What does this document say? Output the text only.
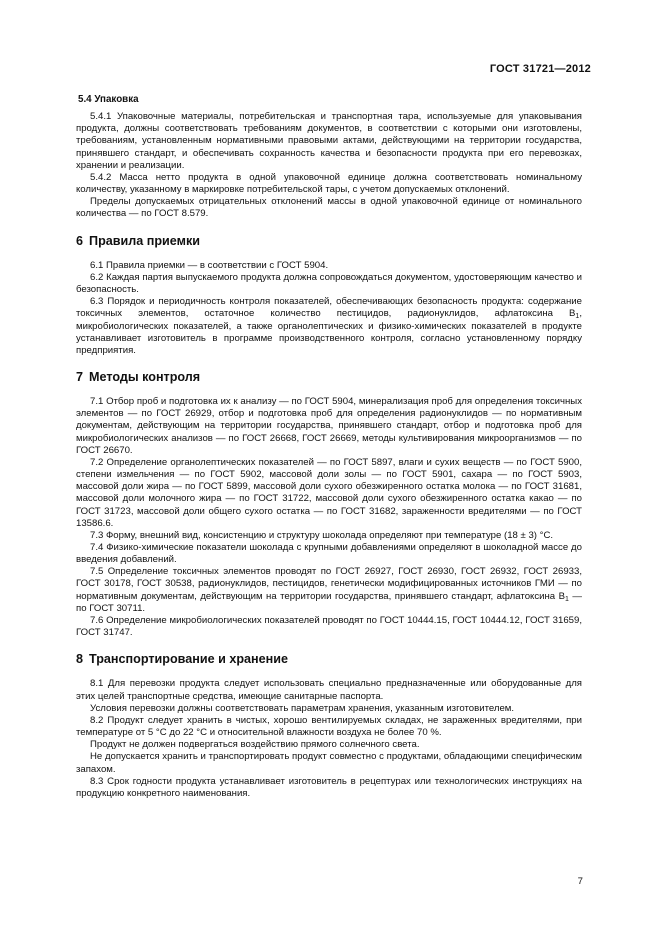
ГОСТ 31721—2012
5.4 Упаковка

5.4.1 Упаковочные материалы, потребительская и транспортная тара, используемые для упаковывания продукта, должны соответствовать требованиям документов, в соответствии с которыми они изготовлены, требованиям, установленным нормативными правовыми актами, действующими на территории государства, принявшего стандарт, и обеспечивать сохранность качества и безопасности продукта при его перевозках, хранении и реализации.

5.4.2 Масса нетто продукта в одной упаковочной единице должна соответствовать номинальному количеству, указанному в маркировке потребительской тары, с учетом допускаемых отклонений.

Пределы допускаемых отрицательных отклонений массы в одной упаковочной единице от номинального количества — по ГОСТ 8.579.

6 Правила приемки

6.1 Правила приемки — в соответствии с ГОСТ 5904.

6.2 Каждая партия выпускаемого продукта должна сопровождаться документом, удостоверяющим качество и безопасность.

6.3 Порядок и периодичность контроля показателей, обеспечивающих безопасность продукта: содержание токсичных элементов, остаточное количество пестицидов, радионуклидов, афлатоксина $B_1$, микробиологических показателей, а также органолептических и физико-химических показателей в продукте устанавливает изготовитель в программе производственного контроля, согласно установленному порядку предприятия.

7 Методы контроля

7.1 Отбор проб и подготовка их к анализу — по ГОСТ 5904, минерализация проб для определения токсичных элементов — по ГОСТ 26929, отбор и подготовка проб для определения радионуклидов — по нормативным документам, действующим на территории государства, принявшего стандарт, отбор и подготовка проб для микробиологических анализов — по ГОСТ 26668, ГОСТ 26669, методы культивирования микроорганизмов — по ГОСТ 26670.

7.2 Определение органолептических показателей — по ГОСТ 5897, влаги и сухих веществ — по ГОСТ 5900, степени измельчения — по ГОСТ 5902, массовой доли золы — по ГОСТ 5901, сахара — по ГОСТ 5903, массовой доли жира — по ГОСТ 5899, массовой доли сухого обезжиренного остатка молока — по ГОСТ 31681, массовой доли молочного жира — по ГОСТ 31722, массовой доли сухого обезжиренного остатка какао — по ГОСТ 31723, массовой доли общего сухого остатка — по ГОСТ 31682, зараженности вредителями — по ГОСТ 13586.6.

7.3 Форму, внешний вид, консистенцию и структуру шоколада определяют при температуре (18 ± 3) °С.

7.4 Физико-химические показатели шоколада с крупными добавлениями определяют в шоколадной массе до введения добавлений.

7.5 Определение токсичных элементов проводят по ГОСТ 26927, ГОСТ 26930, ГОСТ 26932, ГОСТ 26933, ГОСТ 30178, ГОСТ 30538, радионуклидов, пестицидов, генетически модифицированных источников ГМИ — по нормативным документам, действующим на территории государства, принявшего стандарт, афлатоксина $B_1$ — по ГОСТ 30711.

7.6 Определение микробиологических показателей проводят по ГОСТ 10444.15, ГОСТ 10444.12, ГОСТ 31659, ГОСТ 31747.

8 Транспортирование и хранение

8.1 Для перевозки продукта следует использовать специально предназначенные или оборудованные для этих целей транспортные средства, имеющие санитарные паспорта.

Условия перевозки должны соответствовать параметрам хранения, указанным изготовителем.

8.2 Продукт следует хранить в чистых, хорошо вентилируемых складах, не зараженных вредителями, при температуре от 5 °С до 22 °С и относительной влажности воздуха не более 70 %.

Продукт не должен подвергаться воздействию прямого солнечного света.

Не допускается хранить и транспортировать продукт совместно с продуктами, обладающими специфическим запахом.

8.3 Срок годности продукта устанавливает изготовитель в рецептурах или технологических инструкциях на продукцию конкретного наименования.

7
